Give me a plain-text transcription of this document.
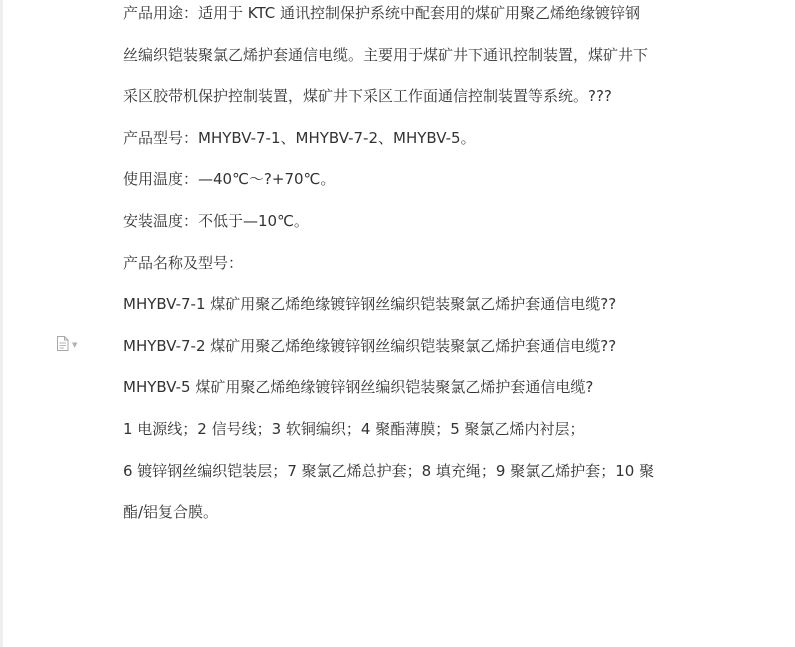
▼
产品用途：适用于 KTC 通讯控制保护系统中配套用的煤矿用聚乙烯绝缘镀锌钢
丝编织铠装聚氯乙烯护套通信电缆。主要用于煤矿井下通讯控制装置，煤矿井下
采区胶带机保护控制装置，煤矿井下采区工作面通信控制装置等系统。???
产品型号：MHYBV-7-1、MHYBV-7-2、MHYBV-5。
使用温度：—40℃～?+70℃。
安装温度：不低于—10℃。
产品名称及型号：
MHYBV-7-1 煤矿用聚乙烯绝缘镀锌钢丝编织铠装聚氯乙烯护套通信电缆??
MHYBV-7-2 煤矿用聚乙烯绝缘镀锌钢丝编织铠装聚氯乙烯护套通信电缆??
MHYBV-5 煤矿用聚乙烯绝缘镀锌钢丝编织铠装聚氯乙烯护套通信电缆?
1 电源线；2 信号线；3 软铜编织；4 聚酯薄膜；5 聚氯乙烯内衬层；
6 镀锌钢丝编织铠装层；7 聚氯乙烯总护套；8 填充绳；9 聚氯乙烯护套；10 聚
酯/铝复合膜。
